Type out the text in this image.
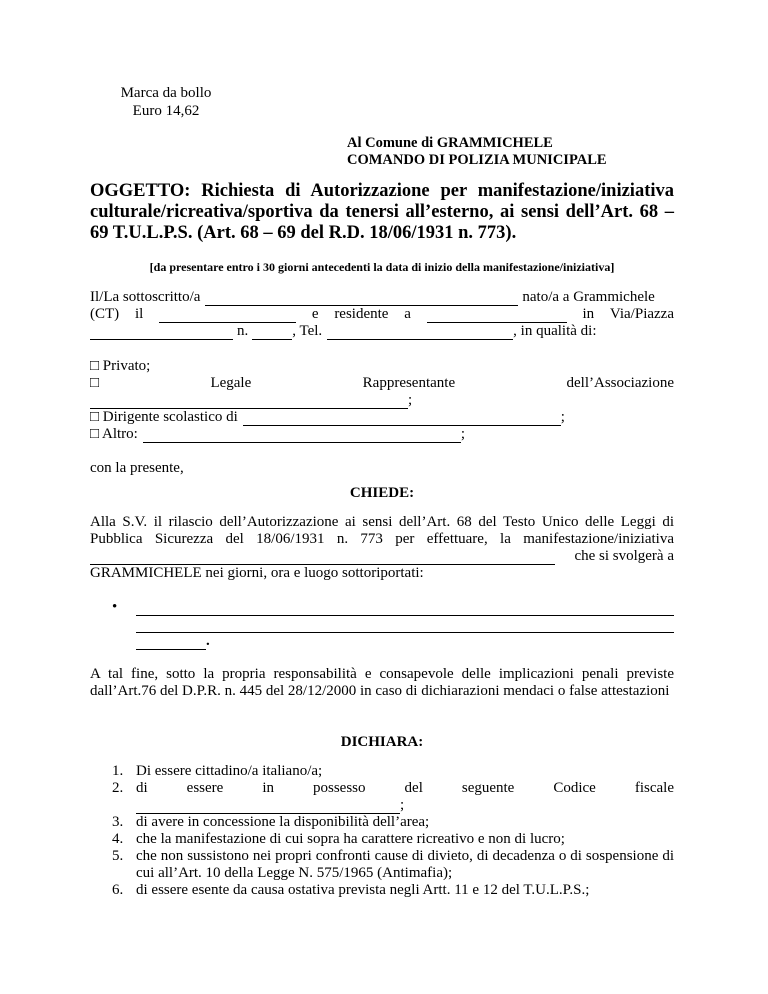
Marca da bollo
Euro 14,62
Al Comune di GRAMMICHELE
COMANDO DI POLIZIA MUNICIPALE
OGGETTO: Richiesta di Autorizzazione per manifestazione/iniziativa culturale/ricreativa/sportiva da tenersi all’esterno, ai sensi dell’Art. 68 – 69 T.U.L.P.S. (Art. 68 – 69 del R.D. 18/06/1931 n. 773).
[da presentare entro i 30 giorni antecedenti la data di inizio della manifestazione/iniziativa]
Il/La sottoscritto/a	nato/a a Grammichele
(CT) il	e residente a	in Via/Piazza
n.	, Tel.	, in qualità di:
□ Privato;
□	Legale	Rappresentante	dell’Associazione
;
□ Dirigente scolastico di	;
□ Altro:	;
con la presente,
CHIEDE:
Alla S.V. il rilascio dell’Autorizzazione ai sensi dell’Art. 68 del Testo Unico delle Leggi di
Pubblica Sicurezza del 18/06/1931 n. 773 per effettuare, la manifestazione/iniziativa
che si svolgerà a
GRAMMICHELE nei giorni, ora e luogo sottoriportati:
•
.
A tal fine, sotto la propria responsabilità e consapevole delle implicazioni penali previste dall’Art.76 del D.P.R. n. 445 del 28/12/2000 in caso di dichiarazioni mendaci o false attestazioni
DICHIARA:
1. Di essere cittadino/a italiano/a;
2. di essere in possesso del seguente Codice fiscale
;
3. di avere in concessione la disponibilità dell’area;
4. che la manifestazione di cui sopra ha carattere ricreativo e non di lucro;
5. che non sussistono nei propri confronti cause di divieto, di decadenza o di sospensione di cui all’Art. 10 della Legge N. 575/1965 (Antimafia);
6. di essere esente da causa ostativa prevista negli Artt. 11 e 12 del T.U.L.P.S.;
